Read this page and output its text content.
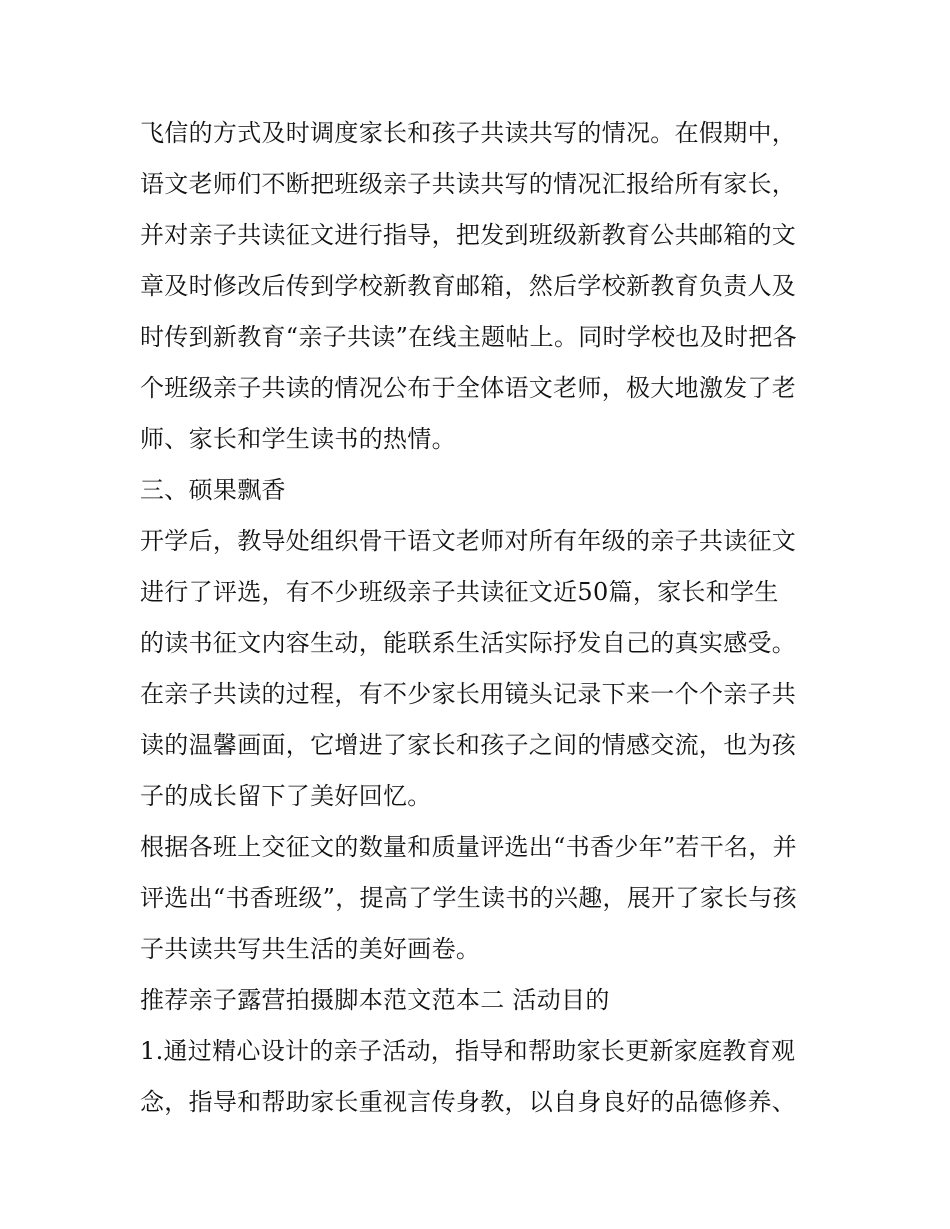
飞信的方式及时调度家长和孩子共读共写的情况。在假期中，
语文老师们不断把班级亲子共读共写的情况汇报给所有家长，
并对亲子共读征文进行指导，把发到班级新教育公共邮箱的文
章及时修改后传到学校新教育邮箱，然后学校新教育负责人及
时传到新教育“亲子共读”在线主题帖上。同时学校也及时把各
个班级亲子共读的情况公布于全体语文老师，极大地激发了老
师、家长和学生读书的热情。
三、硕果飘香
开学后，教导处组织骨干语文老师对所有年级的亲子共读征文
进行了评选，有不少班级亲子共读征文近50篇，家长和学生
的读书征文内容生动，能联系生活实际抒发自己的真实感受。
在亲子共读的过程，有不少家长用镜头记录下来一个个亲子共
读的温馨画面，它增进了家长和孩子之间的情感交流，也为孩
子的成长留下了美好回忆。
根据各班上交征文的数量和质量评选出“书香少年”若干名，并
评选出“书香班级”，提高了学生读书的兴趣，展开了家长与孩
子共读共写共生活的美好画卷。
推荐亲子露营拍摄脚本范文范本二 活动目的
1.通过精心设计的亲子活动，指导和帮助家长更新家庭教育观
念，指导和帮助家长重视言传身教，以自身良好的品德修养、
